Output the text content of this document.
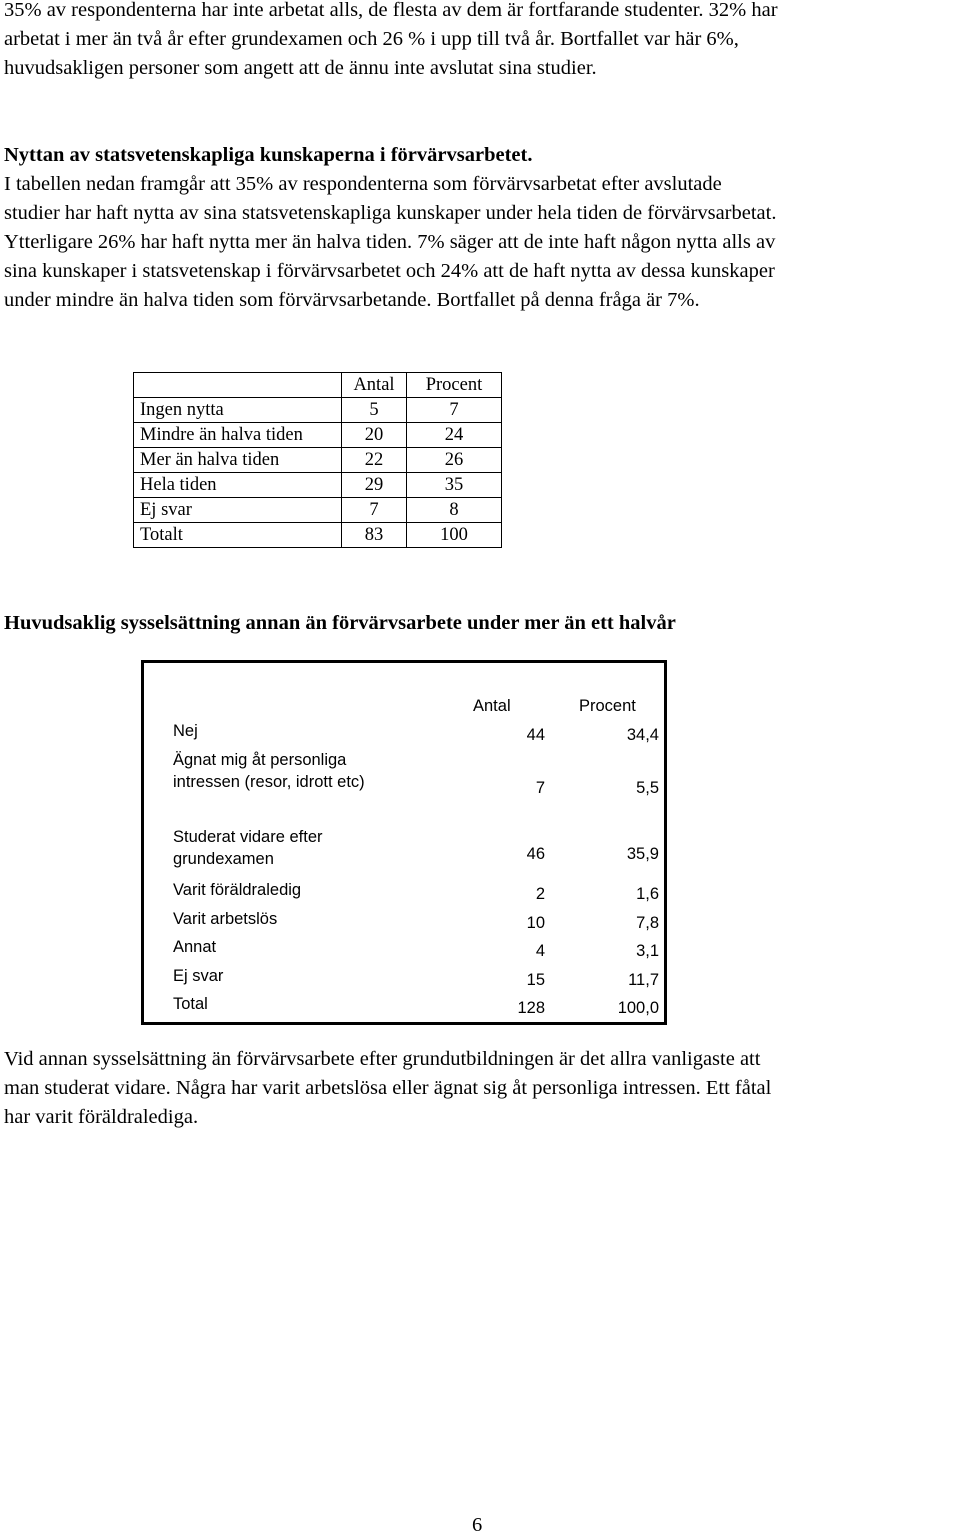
35% av respondenterna har inte arbetat alls, de flesta av dem är fortfarande studenter. 32% har
arbetat i mer än två år efter grundexamen och 26 % i upp till två år. Bortfallet var här 6%,
huvudsakligen personer som angett att de ännu inte avslutat sina studier.
Nyttan av statsvetenskapliga kunskaperna i förvärvsarbetet.
I tabellen nedan framgår att 35% av respondenterna som förvärvsarbetat efter avslutade
studier har haft nytta av sina statsvetenskapliga kunskaper under hela tiden de förvärvsarbetat.
Ytterligare 26% har haft nytta mer än halva tiden. 7% säger att de inte haft någon nytta alls av
sina kunskaper i statsvetenskap i förvärvsarbetet och 24% att de haft nytta av dessa kunskaper
under mindre än halva tiden som förvärvsarbetande. Bortfallet på denna fråga är 7%.
	Antal	Procent
Ingen nytta	5	7
Mindre än halva tiden	20	24
Mer än halva tiden	22	26
Hela tiden	29	35
Ej svar	7	8
Totalt	83	100
Huvudsaklig sysselsättning annan än förvärvsarbete under mer än ett halvår
Antal	Procent
Nej	44	34,4
Ägnat mig åt personliga
intressen (resor, idrott etc)	7	5,5
Studerat vidare efter
grundexamen	46	35,9
Varit föräldraledig	2	1,6
Varit arbetslös	10	7,8
Annat	4	3,1
Ej svar	15	11,7
Total	128	100,0
Vid annan sysselsättning än förvärvsarbete efter grundutbildningen är det allra vanligaste att
man studerat vidare. Några har varit arbetslösa eller ägnat sig åt personliga intressen. Ett fåtal
har varit föräldralediga.
6
